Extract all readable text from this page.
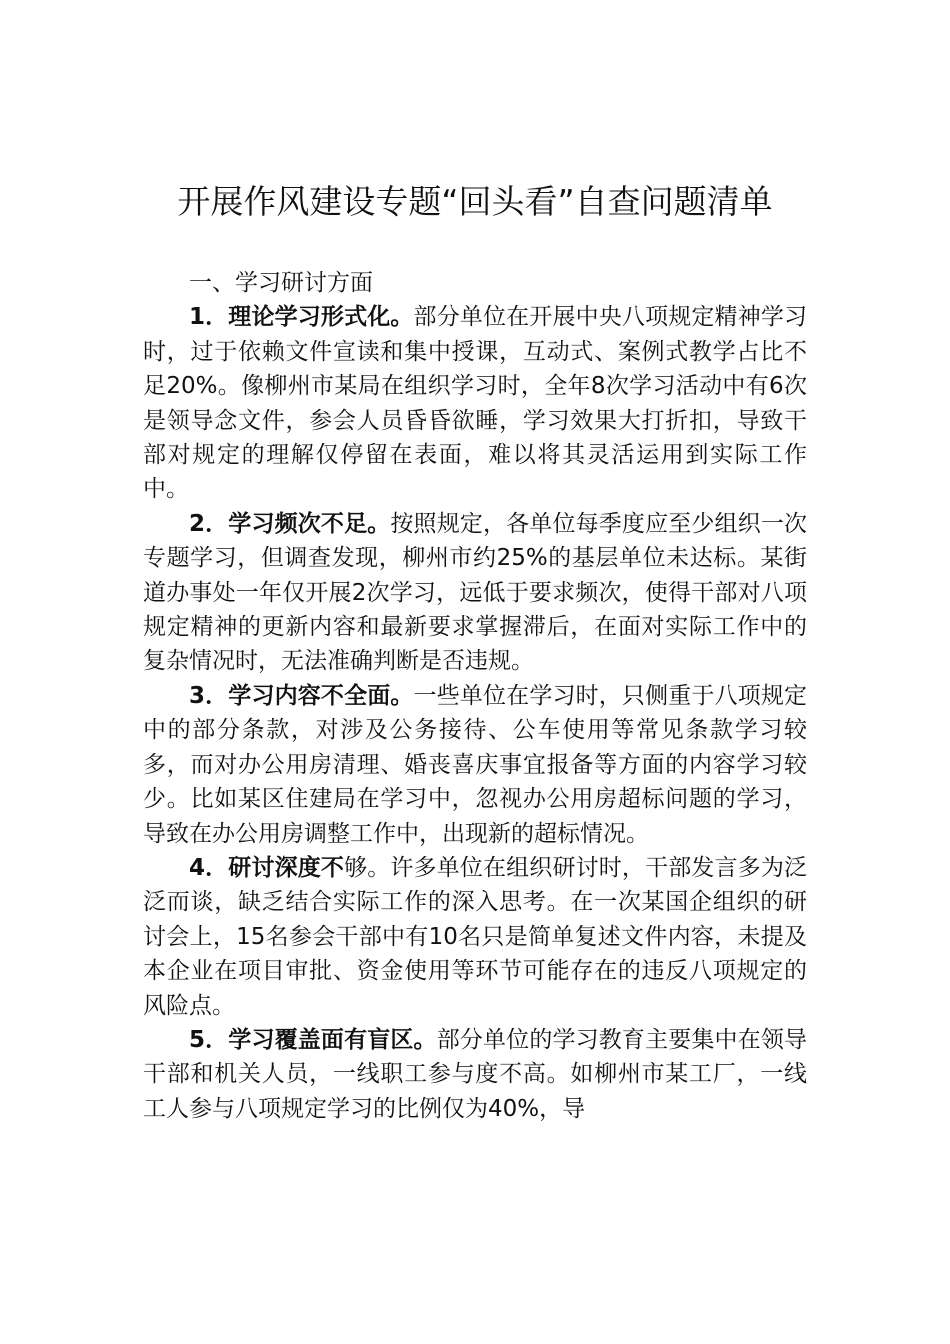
开展作风建设专题“回头看”自查问题清单

一、学习研讨方面

1．理论学习形式化。部分单位在开展中央八项规定精神学习时，过于依赖文件宣读和集中授课，互动式、案例式教学占比不足20%。像柳州市某局在组织学习时，全年8次学习活动中有6次是领导念文件，参会人员昏昏欲睡，学习效果大打折扣，导致干部对规定的理解仅停留在表面，难以将其灵活运用到实际工作中。

2．学习频次不足。按照规定，各单位每季度应至少组织一次专题学习，但调查发现，柳州市约25%的基层单位未达标。某街道办事处一年仅开展2次学习，远低于要求频次，使得干部对八项规定精神的更新内容和最新要求掌握滞后，在面对实际工作中的复杂情况时，无法准确判断是否违规。

3．学习内容不全面。一些单位在学习时，只侧重于八项规定中的部分条款，对涉及公务接待、公车使用等常见条款学习较多，而对办公用房清理、婚丧喜庆事宜报备等方面的内容学习较少。比如某区住建局在学习中，忽视办公用房超标问题的学习，导致在办公用房调整工作中，出现新的超标情况。

4．研讨深度不够。许多单位在组织研讨时，干部发言多为泛泛而谈，缺乏结合实际工作的深入思考。在一次某国企组织的研讨会上，15名参会干部中有10名只是简单复述文件内容，未提及本企业在项目审批、资金使用等环节可能存在的违反八项规定的风险点。

5．学习覆盖面有盲区。部分单位的学习教育主要集中在领导干部和机关人员，一线职工参与度不高。如柳州市某工厂，一线工人参与八项规定学习的比例仅为40%，导
